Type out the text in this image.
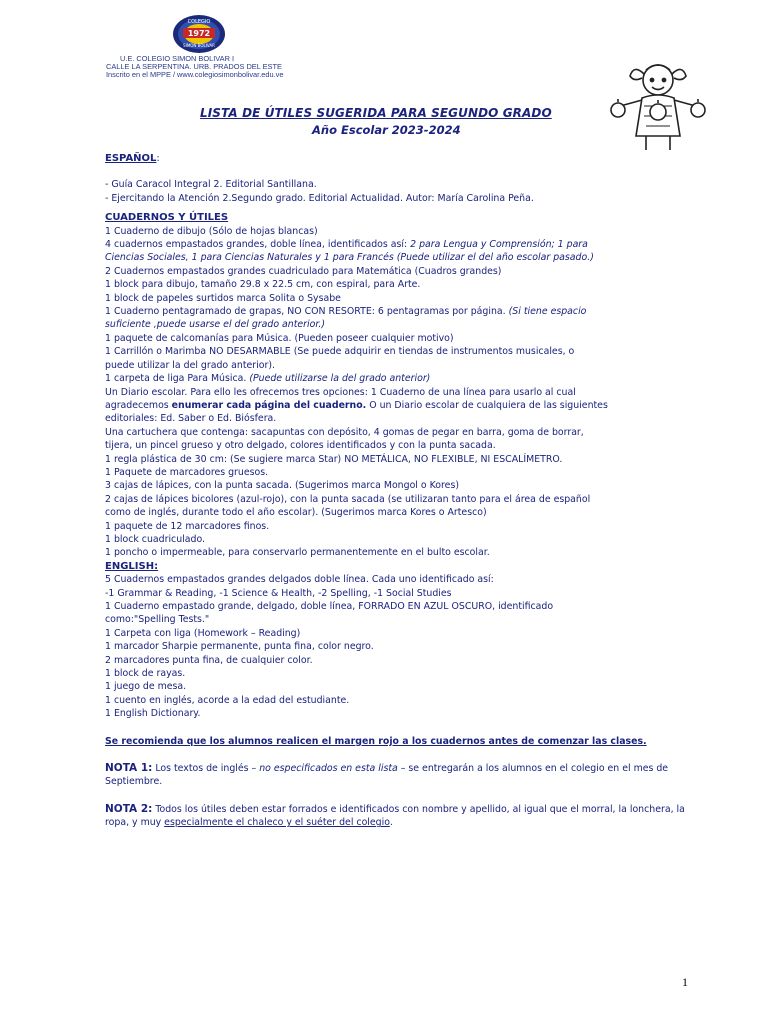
COLEGIO
1972
SIMON BOLIVAR
U.E. COLEGIO SIMON BOLIVAR I
CALLE LA SERPENTINA. URB. PRADOS DEL ESTE
Inscrito en el MPPE / www.colegiosimonbolivar.edu.ve
LISTA DE ÚTILES SUGERIDA PARA SEGUNDO GRADO
Año Escolar 2023-2024
ESPAÑOL:
- Guía Caracol Integral 2. Editorial Santillana.
- Ejercitando la Atención 2.Segundo grado. Editorial Actualidad. Autor: María Carolina Peña.
CUADERNOS Y ÚTILES
1 Cuaderno de dibujo (Sólo de hojas blancas)
4 cuadernos empastados grandes, doble línea, identificados así: 2 para Lengua y Comprensión; 1 para
Ciencias Sociales, 1 para Ciencias Naturales y 1 para Francés (Puede utilizar el del año escolar pasado.)
2 Cuadernos empastados grandes cuadriculado para Matemática (Cuadros grandes)
1 block para dibujo, tamaño 29.8 x 22.5 cm, con espiral, para Arte.
1 block de papeles surtidos marca Solita o Sysabe
1 Cuaderno pentagramado de grapas, NO CON RESORTE: 6 pentagramas por página. (Si tiene espacio
suficiente ,puede usarse el del grado anterior.)
1 paquete de calcomanías para Música. (Pueden poseer cualquier motivo)
1 Carrillón o Marimba NO DESARMABLE (Se puede adquirir en tiendas de instrumentos musicales, o
puede utilizar la del grado anterior).
1 carpeta de liga Para Música. (Puede utilizarse la del grado anterior)
Un Diario escolar. Para ello les ofrecemos tres opciones: 1 Cuaderno de una línea para usarlo al cual
agradecemos enumerar cada página del cuaderno. O un Diario escolar de cualquiera de las siguientes
editoriales: Ed. Saber o Ed. Biósfera.
Una cartuchera que contenga: sacapuntas con depósito, 4 gomas de pegar en barra, goma de borrar,
tijera, un pincel grueso y otro delgado, colores identificados y con la punta sacada.
1 regla plástica de 30 cm: (Se sugiere marca Star) NO METÁLICA, NO FLEXIBLE, NI ESCALÍMETRO.
1 Paquete de marcadores gruesos.
3 cajas de lápices, con la punta sacada. (Sugerimos marca Mongol o Kores)
2 cajas de lápices bicolores (azul-rojo), con la punta sacada (se utilizaran tanto para el área de español
como de inglés, durante todo el año escolar). (Sugerimos marca Kores o Artesco)
1 paquete de 12 marcadores finos.
1 block cuadriculado.
1 poncho o impermeable, para conservarlo permanentemente en el bulto escolar.
ENGLISH:
5 Cuadernos empastados grandes delgados doble línea. Cada uno identificado así:
-1 Grammar & Reading, -1 Science & Health, -2 Spelling, -1 Social Studies
1 Cuaderno empastado grande, delgado, doble línea, FORRADO EN AZUL OSCURO, identificado
como:"Spelling Tests."
1 Carpeta con liga (Homework – Reading)
1 marcador Sharpie permanente, punta fina, color negro.
2 marcadores punta fina, de cualquier color.
1 block de rayas.
1 juego de mesa.
1 cuento en inglés, acorde a la edad del estudiante.
1 English Dictionary.
Se recomienda que los alumnos realicen el margen rojo a los cuadernos antes de comenzar las clases.
NOTA 1: Los textos de inglés – no especificados en esta lista – se entregarán a los alumnos en el colegio en el mes de Septiembre.
NOTA 2: Todos los útiles deben estar forrados e identificados con nombre y apellido, al igual que el morral, la lonchera, la ropa, y muy especialmente el chaleco y el suéter del colegio.
1
